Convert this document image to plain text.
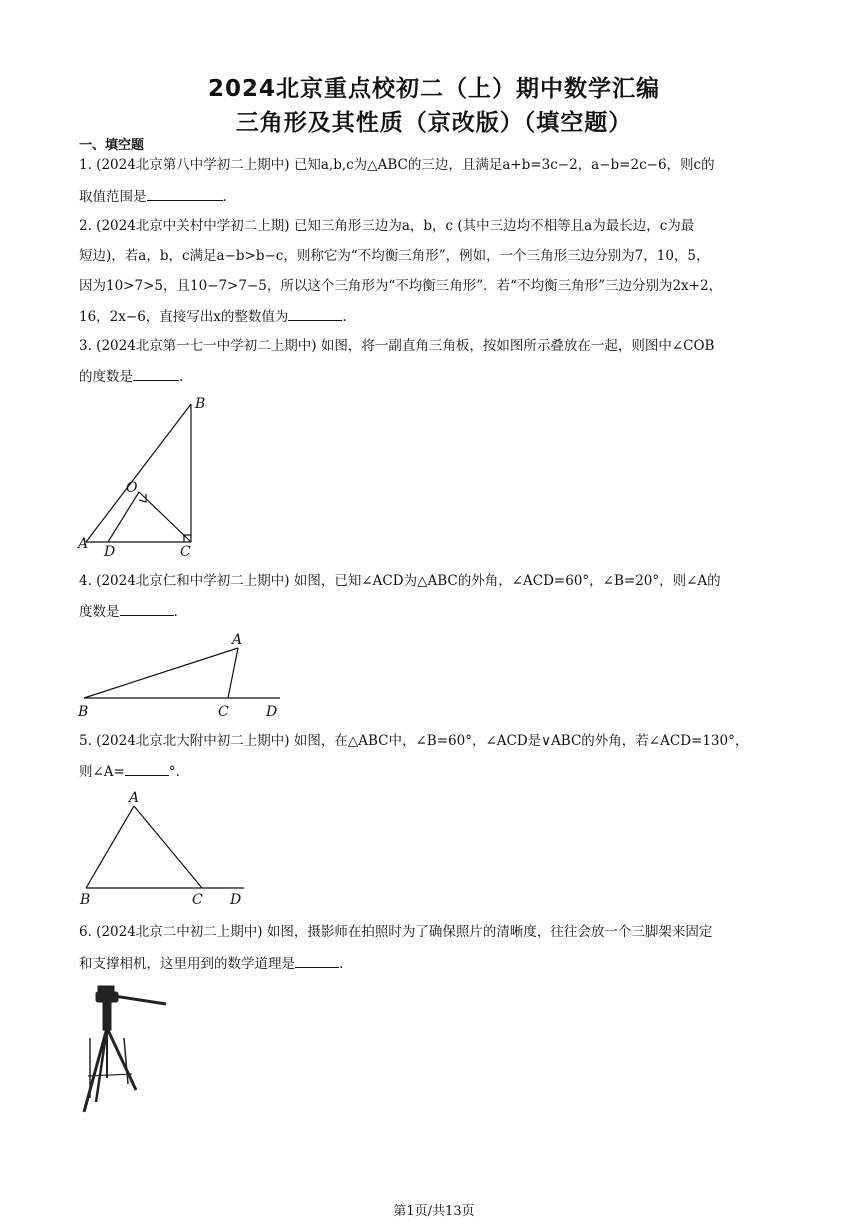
2024北京重点校初二（上）期中数学汇编
三角形及其性质（京改版）（填空题）
一、填空题
1. (2024北京第八中学初二上期中) 已知a,b,c为△ABC的三边，且满足a+b=3c−2，a−b=2c−6，则c的
取值范围是	.
2. (2024北京中关村中学初二上期) 已知三角形三边为a，b，c (其中三边均不相等且a为最长边，c为最
短边)，若a，b，c满足a−b>b−c，则称它为“不均衡三角形”，例如，一个三角形三边分别为7，10，5，
因为10>7>5，且10−7>7−5，所以这个三角形为“不均衡三角形”．若“不均衡三角形”三边分别为2x+2，
16，2x−6，直接写出x的整数值为	.
3. (2024北京第一七一中学初二上期中) 如图，将一副直角三角板，按如图所示叠放在一起，则图中∠COB
的度数是	.
B
O
A D	C
4. (2024北京仁和中学初二上期中) 如图，已知∠ACD为△ABC的外角，∠ACD=60°，∠B=20°，则∠A的
度数是	.
A
B	C	D
5. (2024北京北大附中初二上期中) 如图，在△ABC中，∠B=60°，∠ACD是∨ABC的外角，若∠ACD=130°，
则∠A=	°.
A
B	C D
6. (2024北京二中初二上期中) 如图，摄影师在拍照时为了确保照片的清晰度，往往会放一个三脚架来固定
和支撑相机，这里用到的数学道理是	.
第1页/共13页
